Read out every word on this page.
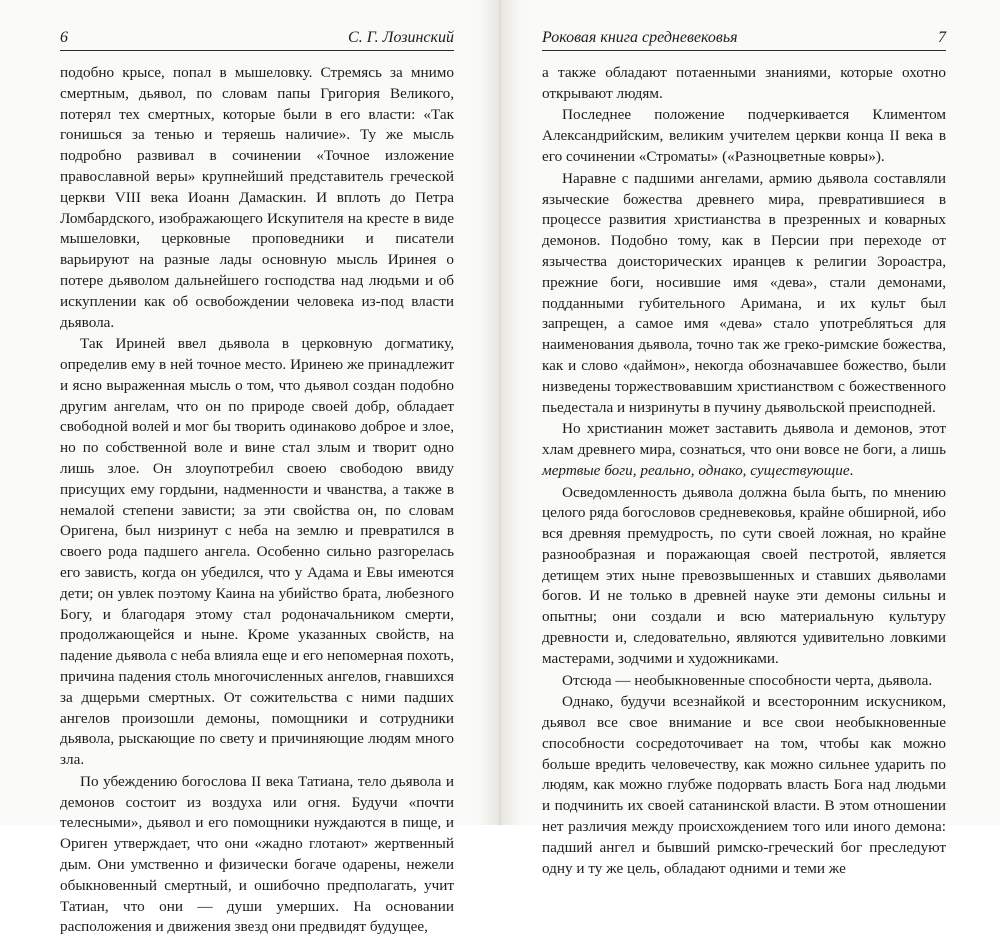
6	С. Г. Лозинский

подобно крысе, попал в мышеловку. Стремясь за мнимо смертным, дьявол, по словам папы Григория Великого, потерял тех смертных, которые были в его власти: «Так гонишься за тенью и теряешь наличие». Ту же мысль подробно развивал в сочинении «Точное изложение православной веры» крупнейший представитель греческой церкви VIII века Иоанн Дамаскин. И вплоть до Петра Ломбардского, изображающего Искупителя на кресте в виде мышеловки, церковные проповедники и писатели варьируют на разные лады основную мысль Иринея о потере дьяволом дальнейшего господства над людьми и об искуплении как об освобождении человека из-под власти дьявола.

Так Ириней ввел дьявола в церковную догматику, определив ему в ней точное место. Иринею же принадлежит и ясно выраженная мысль о том, что дьявол создан подобно другим ангелам, что он по природе своей добр, обладает свободной волей и мог бы творить одинаково доброе и злое, но по собственной воле и вине стал злым и творит одно лишь злое. Он злоупотребил своею свободою ввиду присущих ему гордыни, надменности и чванства, а также в немалой степени зависти; за эти свойства он, по словам Оригена, был низринут с неба на землю и превратился в своего рода падшего ангела. Особенно сильно разгорелась его зависть, когда он убедился, что у Адама и Евы имеются дети; он увлек поэтому Каина на убийство брата, любезного Богу, и благодаря этому стал родоначальником смерти, продолжающейся и ныне. Кроме указанных свойств, на падение дьявола с неба влияла еще и его непомерная похоть, причина падения столь многочисленных ангелов, гнавшихся за дщерьми смертных. От сожительства с ними падших ангелов произошли демоны, помощники и сотрудники дьявола, рыскающие по свету и причиняющие людям много зла.

По убеждению богослова II века Татиана, тело дьявола и демонов состоит из воздуха или огня. Будучи «почти телесными», дьявол и его помощники нуждаются в пище, и Ориген утверждает, что они «жадно глотают» жертвенный дым. Они умственно и физически богаче одарены, нежели обыкновенный смертный, и ошибочно предполагать, учит Татиан, что они — души умерших. На основании расположения и движения звезд они предвидят будущее,

Роковая книга средневековья	7

а также обладают потаенными знаниями, которые охотно открывают людям.

Последнее положение подчеркивается Климентом Александрийским, великим учителем церкви конца II века в его сочинении «Строматы» («Разноцветные ковры»).

Наравне с падшими ангелами, армию дьявола составляли языческие божества древнего мира, превратившиеся в процессе развития христианства в презренных и коварных демонов. Подобно тому, как в Персии при переходе от язычества доисторических иранцев к религии Зороастра, прежние боги, носившие имя «дева», стали демонами, подданными губительного Аримана, и их культ был запрещен, а самое имя «дева» стало употребляться для наименования дьявола, точно так же греко-римские божества, как и слово «даймон», некогда обозначавшее божество, были низведены торжествовавшим христианством с божественного пьедестала и низринуты в пучину дьявольской преисподней.

Но христианин может заставить дьявола и демонов, этот хлам древнего мира, сознаться, что они вовсе не боги, а лишь мертвые боги, реально, однако, существующие.

Осведомленность дьявола должна была быть, по мнению целого ряда богословов средневековья, крайне обширной, ибо вся древняя премудрость, по сути своей ложная, но крайне разнообразная и поражающая своей пестротой, является детищем этих ныне превозвышенных и ставших дьяволами богов. И не только в древней науке эти демоны сильны и опытны; они создали и всю материальную культуру древности и, следовательно, являются удивительно ловкими мастерами, зодчими и художниками.

Отсюда — необыкновенные способности черта, дьявола.

Однако, будучи всезнайкой и всесторонним искусником, дьявол все свое внимание и все свои необыкновенные способности сосредоточивает на том, чтобы как можно больше вредить человечеству, как можно сильнее ударить по людям, как можно глубже подорвать власть Бога над людьми и подчинить их своей сатанинской власти. В этом отношении нет различия между происхождением того или иного демона: падший ангел и бывший римско-греческий бог преследуют одну и ту же цель, обладают одними и теми же
